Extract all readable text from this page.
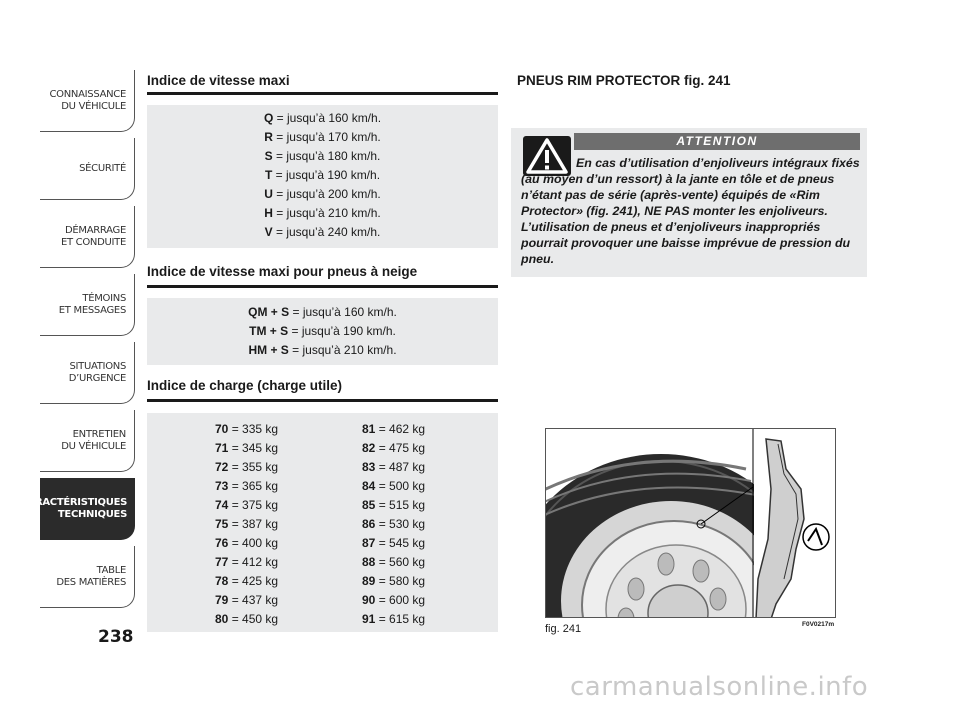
CONNAISSANCE
DU VÉHICULE
SÉCURITÉ
DÉMARRAGE
ET CONDUITE
TÉMOINS
ET MESSAGES
SITUATIONS
D’URGENCE
ENTRETIEN
DU VÉHICULE
CARACTÉRISTIQUES
TECHNIQUES
TABLE
DES MATIÈRES
238
Indice de vitesse maxi
Q = jusqu’à 160 km/h.
R = jusqu’à 170 km/h.
S = jusqu’à 180 km/h.
T = jusqu’à 190 km/h.
U = jusqu’à 200 km/h.
H = jusqu’à 210 km/h.
V = jusqu’à 240 km/h.
Indice de vitesse maxi pour pneus à neige
QM + S = jusqu’à 160 km/h.
TM + S = jusqu’à 190 km/h.
HM + S = jusqu’à 210 km/h.
Indice de charge (charge utile)
70 = 335 kg
71 = 345 kg
72 = 355 kg
73 = 365 kg
74 = 375 kg
75 = 387 kg
76 = 400 kg
77 = 412 kg
78 = 425 kg
79 = 437 kg
80 = 450 kg
81 = 462 kg
82 = 475 kg
83 = 487 kg
84 = 500 kg
85 = 515 kg
86 = 530 kg
87 = 545 kg
88 = 560 kg
89 = 580 kg
90 = 600 kg
91 = 615 kg
PNEUS RIM PROTECTOR fig. 241
ATTENTION
En cas d’utilisation d’enjoliveurs intégraux fixés (au moyen d’un ressort) à la jante en tôle et de pneus n’étant pas de série (après-vente) équipés de «Rim Protector» (fig. 241), NE PAS monter les enjoliveurs. L’utilisation de pneus et d’enjoliveurs inappropriés pourrait provoquer une baisse imprévue de pression du pneu.
F0V0217m
fig. 241
carmanualsonline.info
